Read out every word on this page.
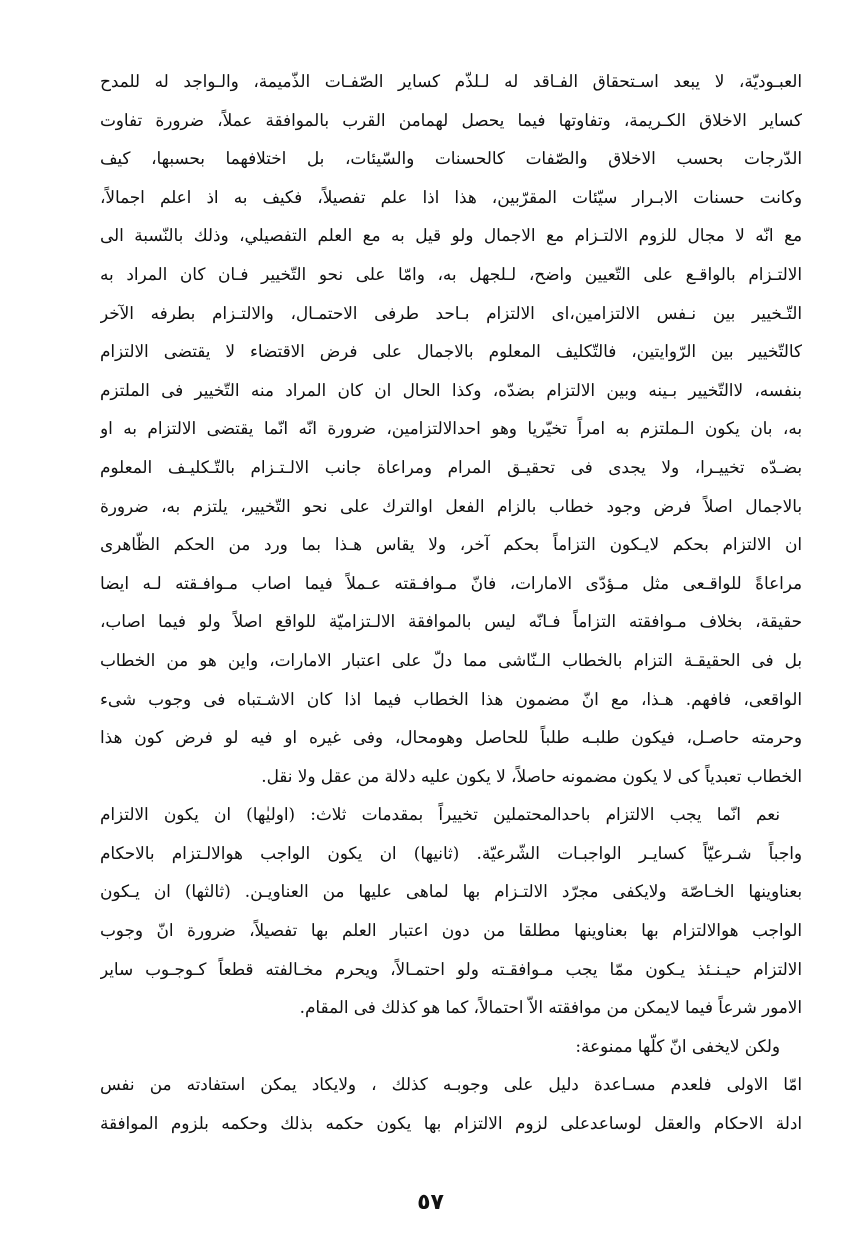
العبـوديّة، لا يبعد اسـتحقاق الفـاقد له لـلذّم كساير الصّفـات الذّميمة، والـواجد له للمدح
كساير الاخلاق الكـريمة، وتفاوتها فيما يحصل لهمامن القرب بالموافقة عملاً، ضرورة تفاوت
الدّرجات بحسب الاخلاق والصّفات كالحسنات والسّيئات، بل اختلافهما بحسبها، كيف
وكانت حسنات الابـرار سيّئات المقرّبين، هذا اذا علم تفصيلاً، فكيف به اذ اعلم اجمالاً،
مع انّه لا مجال للزوم الالتـزام مع الاجمال ولو قيل به مع العلم التفصيلي، وذلك بالنّسبة الى
الالتـزام بالواقـع على التّعيين واضح، لـلجهل به، وامّا على نحو التّخيير فـان كان المراد به
التّـخيير بين نـفس الالتزامين،اى الالتزام بـاحد طرفى الاحتمـال، والالتـزام بطرفه الآخر
كالتّخيير بين الرّوايتين، فالتّكليف المعلوم بالاجمال على فرض الاقتضاء لا يقتضى الالتزام
بنفسه، لاالتّخيير بـينه وبين الالتزام بضدّه، وكذا الحال ان كان المراد منه التّخيير فى الملتزم
به، بان يكون الـملتزم به امراً تخيّريا وهو احدالالتزامين، ضرورة انّه انّما يقتضى الالتزام به او
بضـدّه تخييـرا، ولا يجدى فى تحقيـق المرام ومراعاة جانب الالـتـزام بالتّـكليـف المعلوم
بالاجمال اصلاً فرض وجود خطاب بالزام الفعل اوالترك على نحو التّخيير، يلتزم به، ضرورة
ان الالتزام بحكم لايـكون التزاماً بحكم آخر، ولا يقاس هـذا بما ورد من الحكم الظّاهرى
مراعاةً للواقـعى مثل مـؤدّى الامارات، فانّ مـوافـقته عـملاً فيما اصاب مـوافـقته لـه ايضا
حقيقة، بخلاف مـوافقته التزاماً فـانّه ليس بالموافقة الالـتزاميّة للواقع اصلاً ولو فيما اصاب،
بل فى الحقيقـة التزام بالخطاب الـنّاشى مما دلّ على اعتبار الامارات، واين هو من الخطاب
الواقعى، فافهم. هـذا، مع انّ مضمون هذا الخطاب فيما اذا كان الاشـتباه فى وجوب شىء
وحرمته حاصـل، فيكون طلبـه طلباً للحاصل وهومحال، وفى غيره او فيه لو فرض كون هذا
الخطاب تعبدياً كى لا يكون مضمونه حاصلاً، لا يكون عليه دلالة من عقل ولا نقل.
نعم انّما يجب الالتزام باحدالمحتملين تخييراً بمقدمات ثلاث: (اوليٰها) ان يكون الالتزام
واجباً شـرعيّاً كسايـر الواجبـات الشّرعيّة. (ثانيها) ان يكون الواجب هوالالـتزام بالاحكام
بعناوينها الخـاصّة ولايكفى مجرّد الالتـزام بها لماهى عليها من العناويـن. (ثالثها) ان يـكون
الواجب هوالالتزام بها بعناوينها مطلقا من دون اعتبار العلم بها تفصيلاً، ضرورة انّ وجوب
الالتزام حيـنـئذ يـكون ممّا يجب مـوافقـته ولو احتمـالاً، ويحرم مخـالفته قطعاً كـوجـوب ساير
الامور شرعاً فيما لايمكن من موافقته الاّ احتمالاً، كما هو كذلك فى المقام.
ولكن لايخفى انّ كلّها ممنوعة:
امّا الاولى فلعدم مسـاعدة دليل على وجوبـه كذلك ، ولايكاد يمكن استفادته من نفس
ادلة الاحكام والعقل لوساعدعلى لزوم الالتزام بها يكون حكمه بذلك وحكمه بلزوم الموافقة
٥٧
